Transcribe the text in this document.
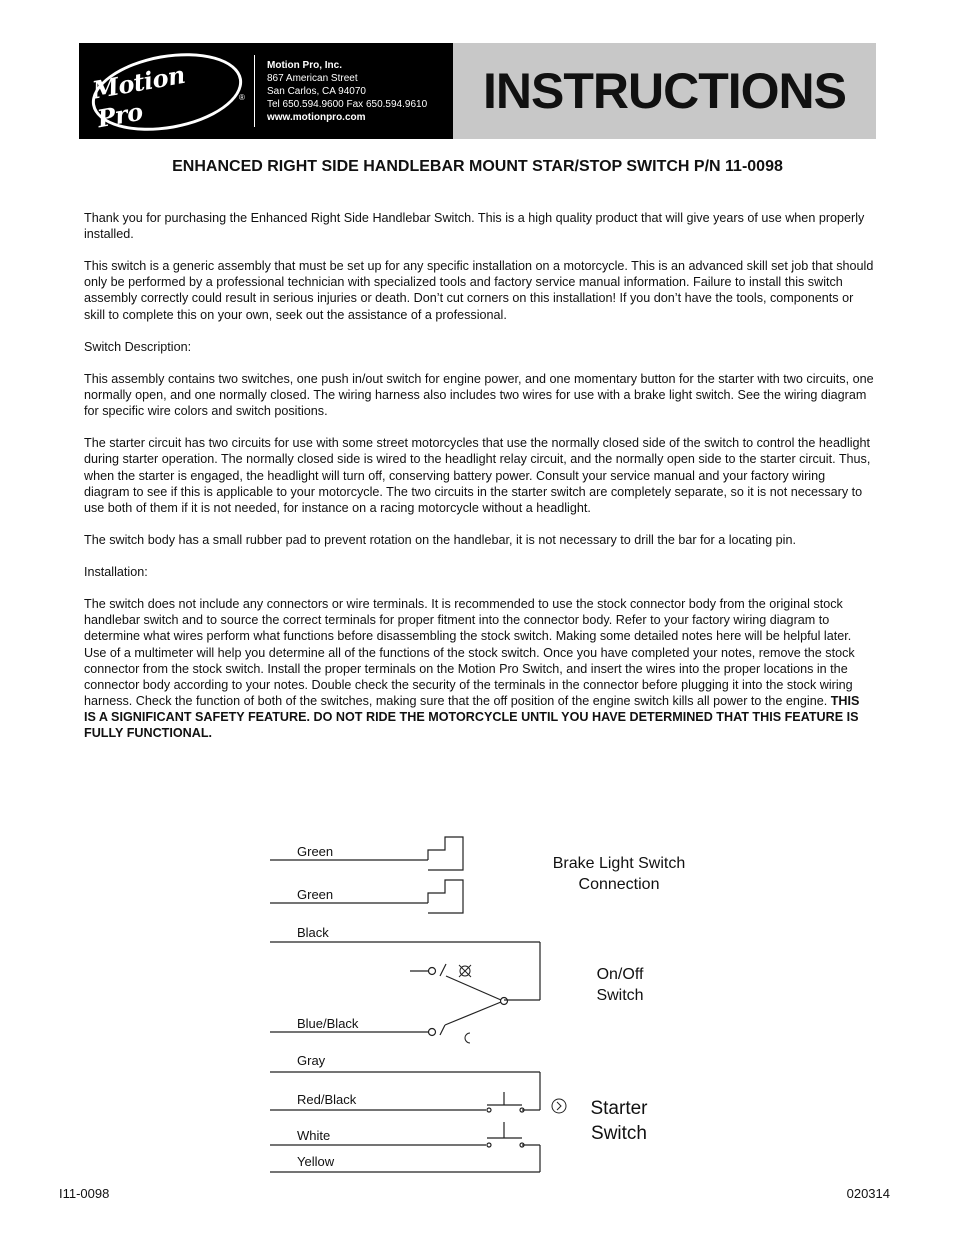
Motion Pro	®
Motion Pro, Inc.
867 American Street
San Carlos, CA 94070
Tel 650.594.9600 Fax 650.594.9610
www.motionpro.com	INSTRUCTIONS
ENHANCED RIGHT SIDE HANDLEBAR MOUNT STAR/STOP SWITCH P/N 11-0098

Thank you for purchasing the Enhanced Right Side Handlebar Switch. This is a high quality product that will give years of use when properly installed.

This switch is a generic assembly that must be set up for any specific installation on a motorcycle. This is an advanced skill set job that should only be performed by a professional technician with specialized tools and factory service manual information. Failure to install this switch assembly correctly could result in serious injuries or death. Don’t cut corners on this installation! If you don’t have the tools, components or skill to complete this on your own, seek out the assistance of a professional.

Switch Description:

This assembly contains two switches, one push in/out switch for engine power, and one momentary button for the starter with two circuits, one normally open, and one normally closed. The wiring harness also includes two wires for use with a brake light switch. See the wiring diagram for specific wire colors and switch positions.

The starter circuit has two circuits for use with some street motorcycles that use the normally closed side of the switch to control the headlight during starter operation. The normally closed side is wired to the headlight relay circuit, and the normally open side to the starter circuit. Thus, when the starter is engaged, the headlight will turn off, conserving battery power. Consult your service manual and your factory wiring diagram to see if this is applicable to your motorcycle. The two circuits in the starter switch are completely separate, so it is not necessary to use both of them if it is not needed, for instance on a racing motorcycle without a headlight.

The switch body has a small rubber pad to prevent rotation on the handlebar, it is not necessary to drill the bar for a locating pin.

Installation:

The switch does not include any connectors or wire terminals. It is recommended to use the stock connector body from the original stock handlebar switch and to source the correct terminals for proper fitment into the connector body. Refer to your factory wiring diagram to determine what wires perform what functions before disassembling the stock switch. Making some detailed notes here will be helpful later. Use of a multimeter will help you determine all of the functions of the stock switch. Once you have completed your notes, remove the stock connector from the stock switch. Install the proper terminals on the Motion Pro Switch, and insert the wires into the proper locations in the connector body according to your notes. Double check the security of the terminals in the connector before plugging it into the stock wiring harness. Check the function of both of the switches, making sure that the off position of the engine switch kills all power to the engine. THIS IS A SIGNIFICANT SAFETY FEATURE. DO NOT RIDE THE MOTORCYCLE UNTIL YOU HAVE DETERMINED THAT THIS FEATURE IS FULLY FUNCTIONAL.

Green
Green
Black
Blue/Black
Gray
Red/Black
White
Yellow
Brake Light Switch
Connection
On/Off
Switch
Starter
Switch
I11-0098	020314
